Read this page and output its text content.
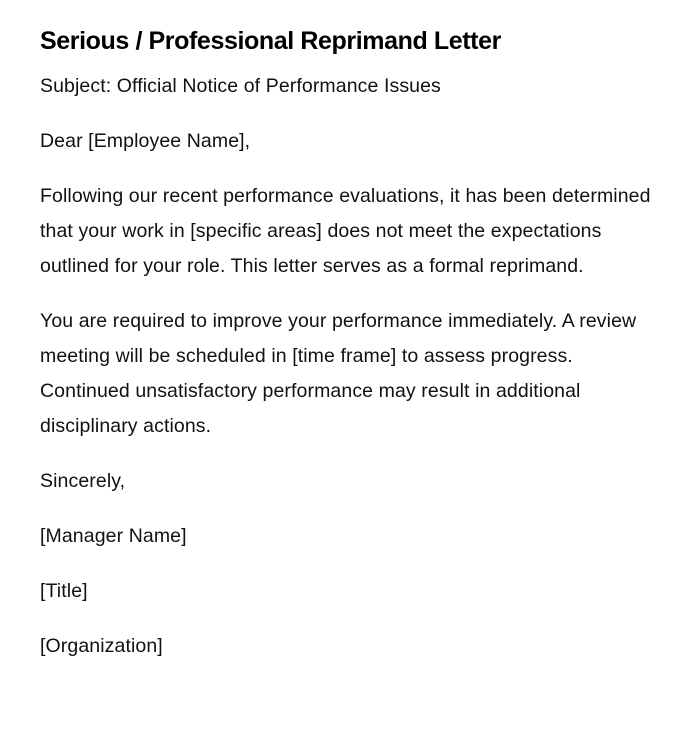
Serious / Professional Reprimand Letter

Subject: Official Notice of Performance Issues

Dear [Employee Name],

Following our recent performance evaluations, it has been determined that your work in [specific areas] does not meet the expectations outlined for your role. This letter serves as a formal reprimand.

You are required to improve your performance immediately. A review meeting will be scheduled in [time frame] to assess progress. Continued unsatisfactory performance may result in additional disciplinary actions.

Sincerely,

[Manager Name]

[Title]

[Organization]
